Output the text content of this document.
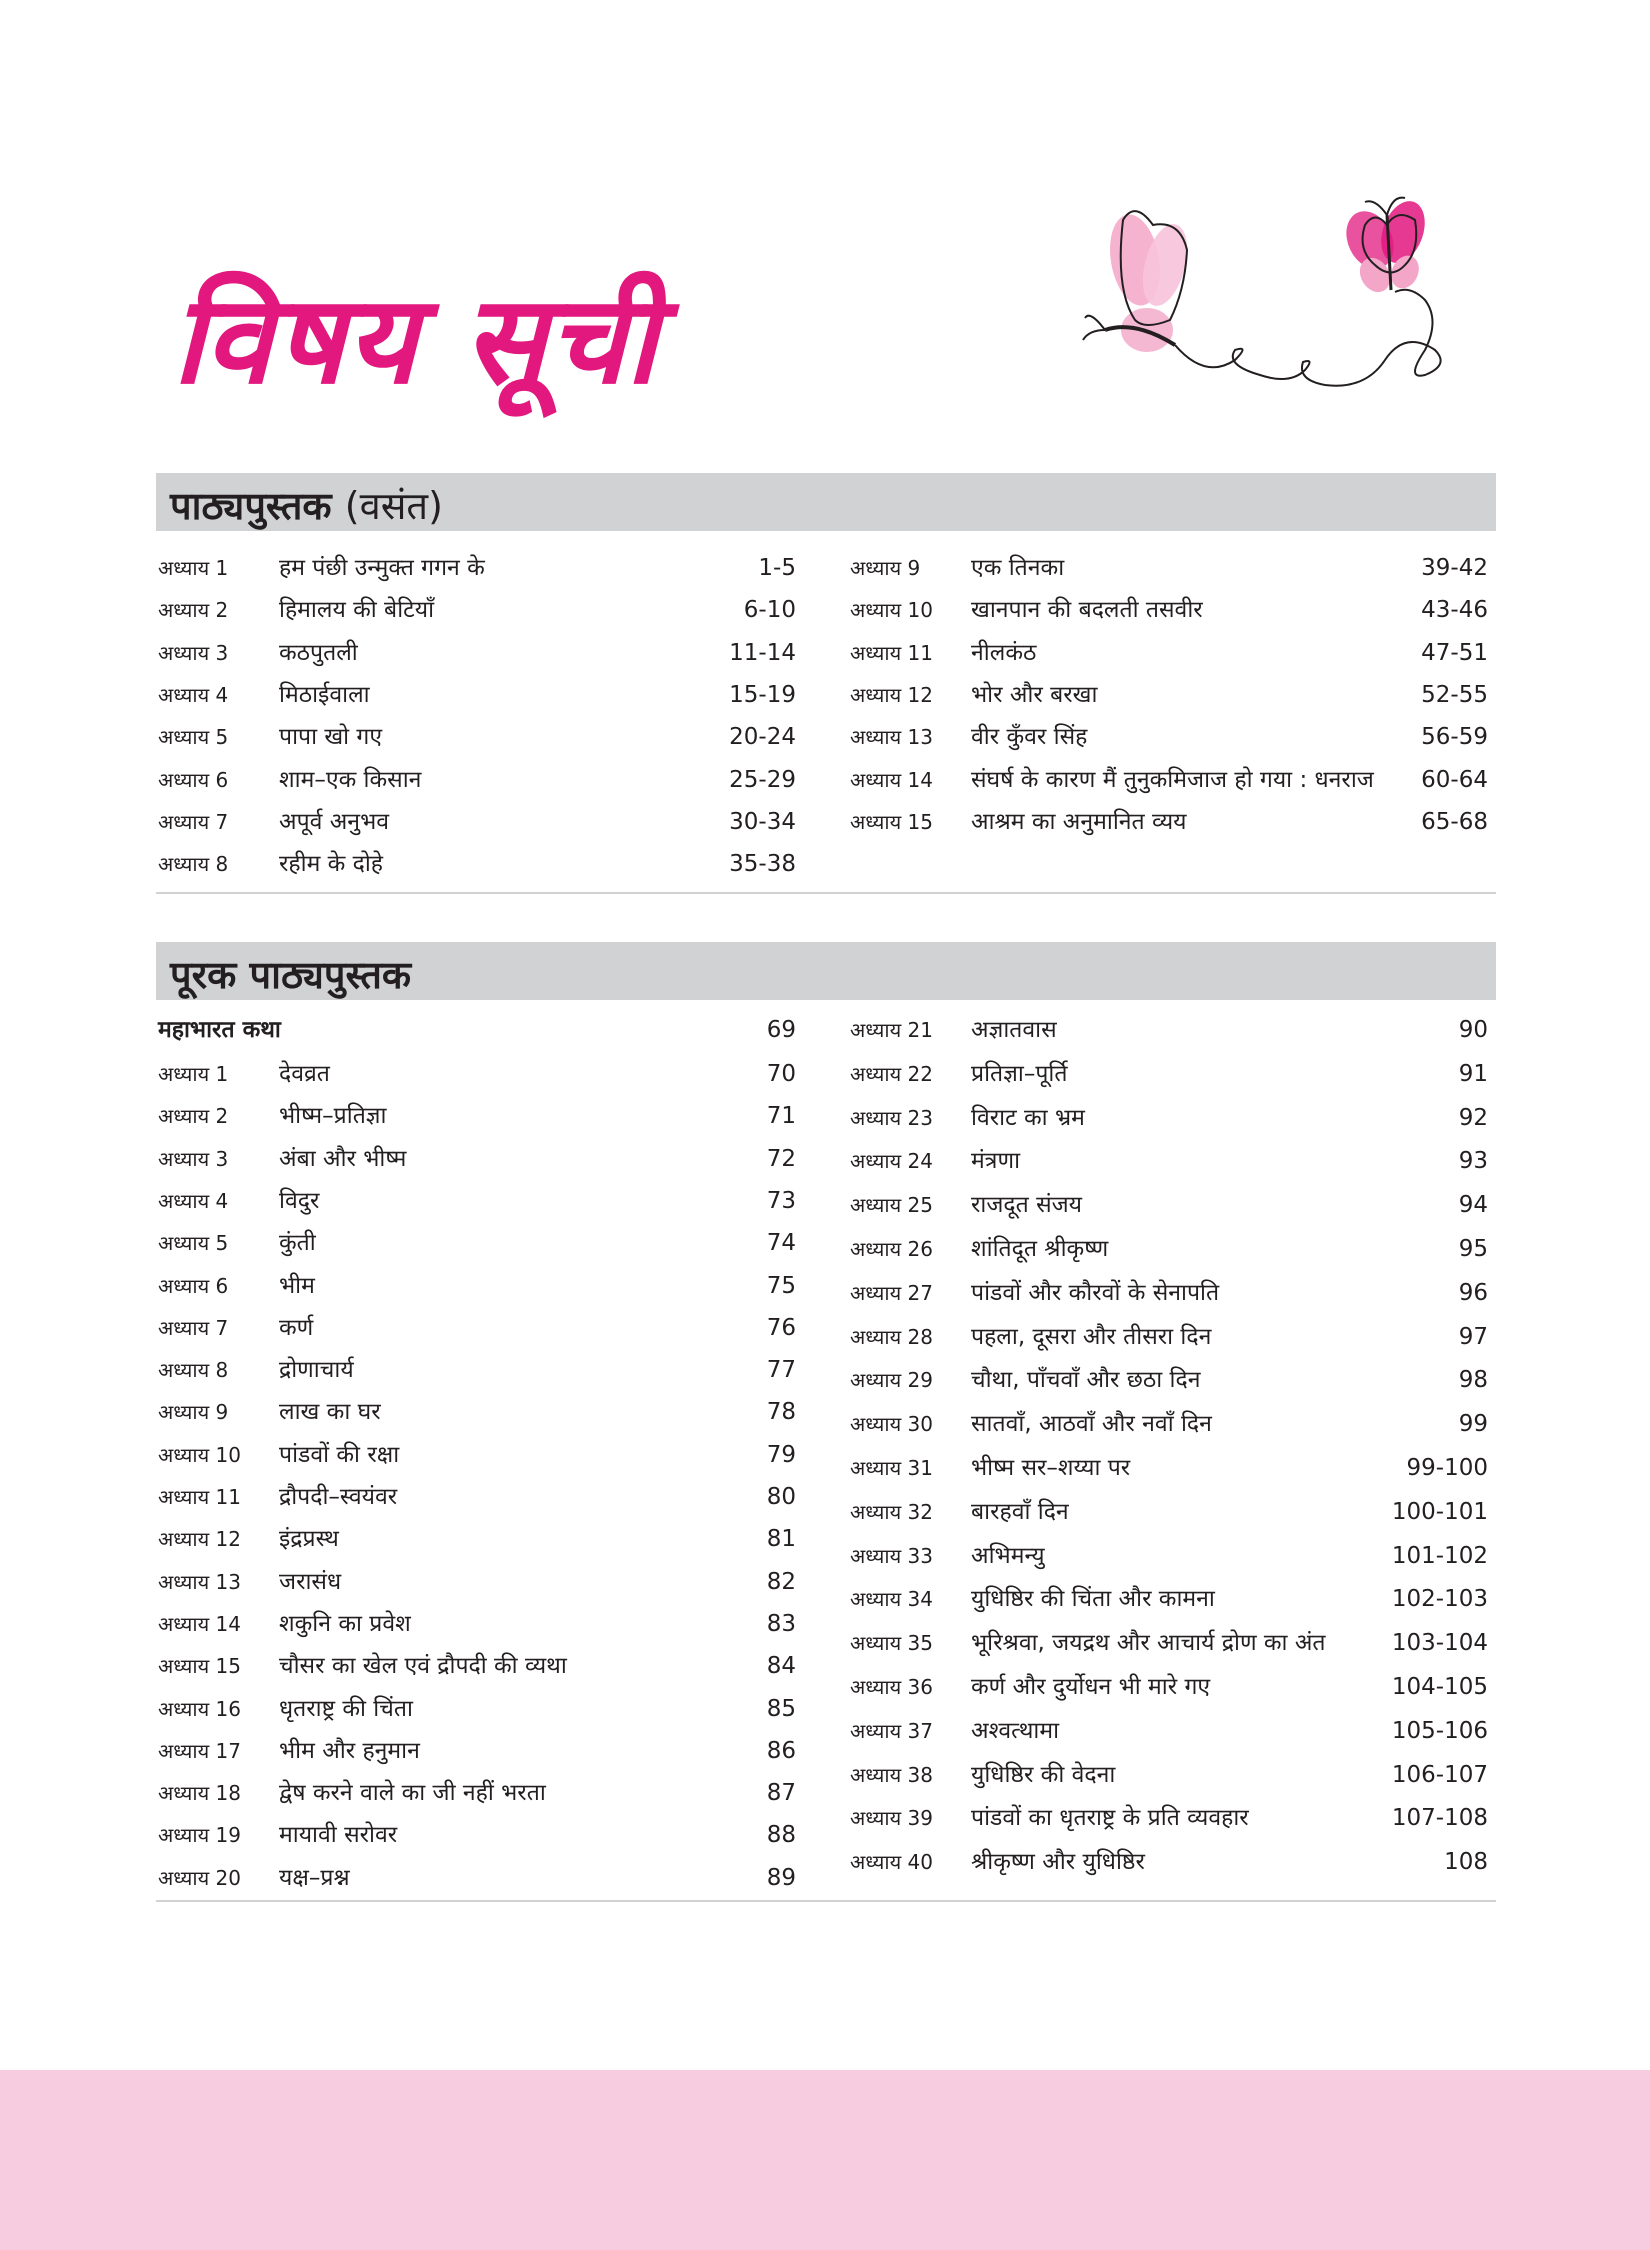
विषय सूची
पाठ्यपुस्तक (वसंत)
अध्याय 1 हम पंछी उन्मुक्त गगन के	1-5
अध्याय 2 हिमालय की बेटियाँ	6-10
अध्याय 3 कठपुतली	11-14
अध्याय 4 मिठाईवाला	15-19
अध्याय 5 पापा खो गए	20-24
अध्याय 6 शाम–एक किसान	25-29
अध्याय 7 अपूर्व अनुभव	30-34
अध्याय 8 रहीम के दोहे	35-38
अध्याय 9 एक तिनका	39-42
अध्याय 10 खानपान की बदलती तसवीर	43-46
अध्याय 11 नीलकंठ	47-51
अध्याय 12 भोर और बरखा	52-55
अध्याय 13 वीर कुँवर सिंह	56-59
अध्याय 14 संघर्ष के कारण मैं तुनुकमिजाज हो गया : धनराज 60-64
अध्याय 15 आश्रम का अनुमानित व्यय	65-68
पूरक पाठ्यपुस्तक
महाभारत कथा	69
अध्याय 1 देवव्रत	70
अध्याय 2 भीष्म–प्रतिज्ञा	71
अध्याय 3 अंबा और भीष्म	72
अध्याय 4 विदुर	73
अध्याय 5 कुंती	74
अध्याय 6 भीम	75
अध्याय 7 कर्ण	76
अध्याय 8 द्रोणाचार्य	77
अध्याय 9 लाख का घर	78
अध्याय 10 पांडवों की रक्षा	79
अध्याय 11 द्रौपदी–स्वयंवर	80
अध्याय 12 इंद्रप्रस्थ	81
अध्याय 13 जरासंध	82
अध्याय 14 शकुनि का प्रवेश	83
अध्याय 15 चौसर का खेल एवं द्रौपदी की व्यथा	84
अध्याय 16 धृतराष्ट्र की चिंता	85
अध्याय 17 भीम और हनुमान	86
अध्याय 18 द्वेष करने वाले का जी नहीं भरता	87
अध्याय 19 मायावी सरोवर	88
अध्याय 20 यक्ष–प्रश्न	89
अध्याय 21 अज्ञातवास	90
अध्याय 22 प्रतिज्ञा–पूर्ति	91
अध्याय 23 विराट का भ्रम	92
अध्याय 24 मंत्रणा	93
अध्याय 25 राजदूत संजय	94
अध्याय 26 शांतिदूत श्रीकृष्ण	95
अध्याय 27 पांडवों और कौरवों के सेनापति	96
अध्याय 28 पहला, दूसरा और तीसरा दिन	97
अध्याय 29 चौथा, पाँचवाँ और छठा दिन	98
अध्याय 30 सातवाँ, आठवाँ और नवाँ दिन	99
अध्याय 31 भीष्म सर–शय्या पर	99-100
अध्याय 32 बारहवाँ दिन	100-101
अध्याय 33 अभिमन्यु	101-102
अध्याय 34 युधिष्ठिर की चिंता और कामना	102-103
अध्याय 35 भूरिश्रवा, जयद्रथ और आचार्य द्रोण का अंत	103-104
अध्याय 36 कर्ण और दुर्योधन भी मारे गए	104-105
अध्याय 37 अश्वत्थामा	105-106
अध्याय 38 युधिष्ठिर की वेदना	106-107
अध्याय 39 पांडवों का धृतराष्ट्र के प्रति व्यवहार	107-108
अध्याय 40 श्रीकृष्ण और युधिष्ठिर	108
